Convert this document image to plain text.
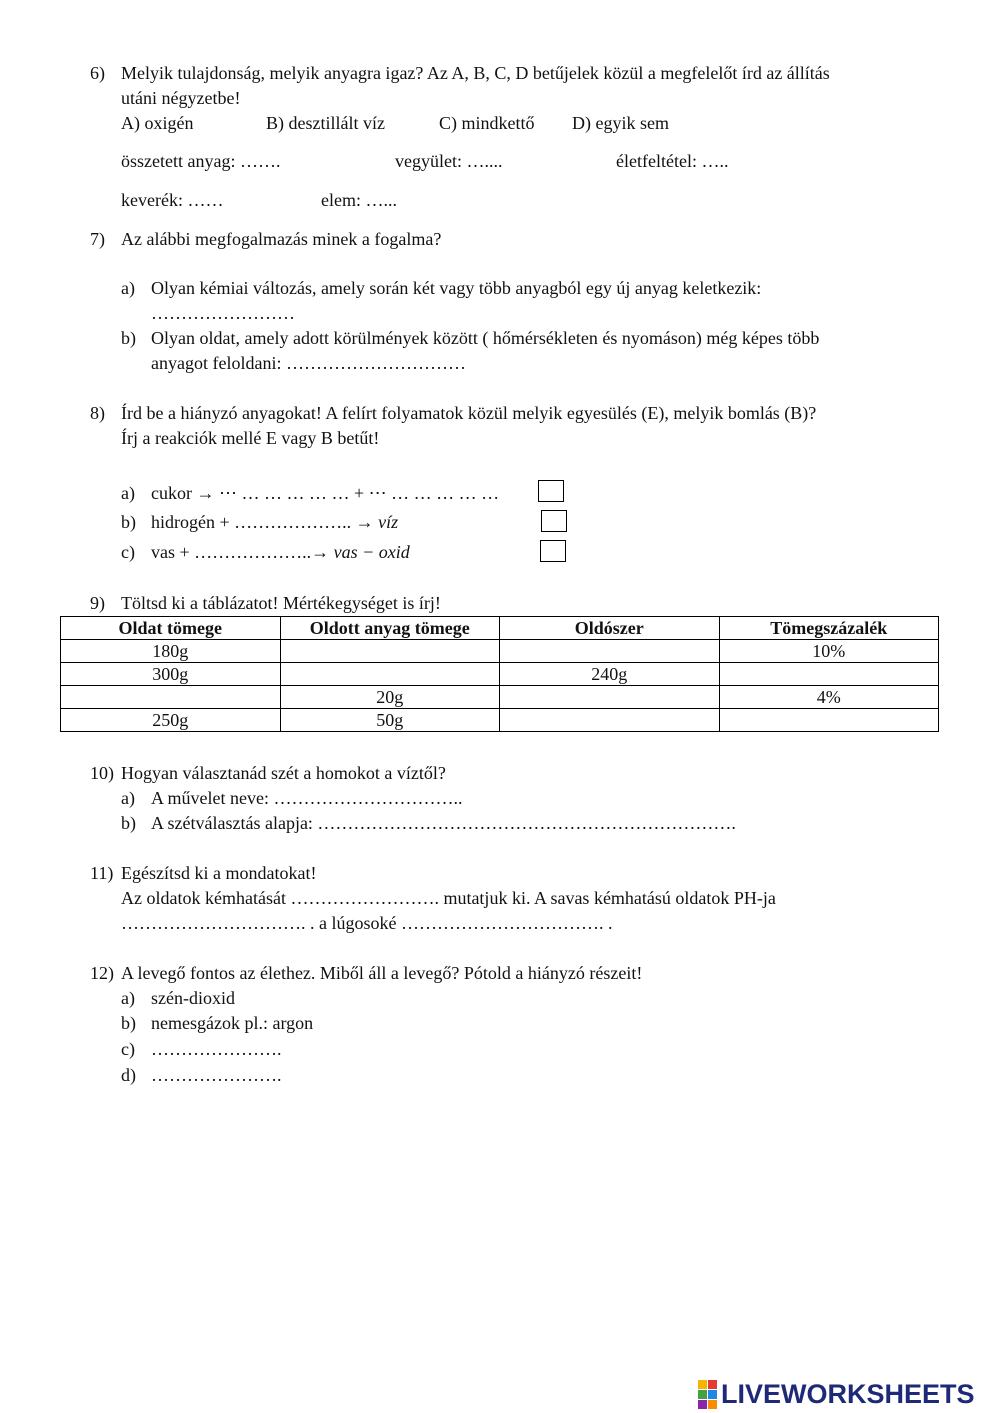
6) Melyik tulajdonság, melyik anyagra igaz? Az A, B, C, D betűjelek közül a megfelelőt írd az állítás
utáni négyzetbe!
A) oxigén	B) desztillált víz	C) mindkettő D) egyik sem
összetett anyag: …….	vegyület: …....	életfeltétel: …..
keverék: ……	elem: …...
7) Az alábbi megfogalmazás minek a fogalma?
a) Olyan kémiai változás, amely során két vagy több anyagból egy új anyag keletkezik:
……………………
b) Olyan oldat, amely adott körülmények között ( hőmérsékleten és nyomáson) még képes több
anyagot feloldani: …………………………
8) Írd be a hiányzó anyagokat! A felírt folyamatok közül melyik egyesülés (E), melyik bomlás (B)?
Írj a reakciók mellé E vagy B betűt!
a) cukor → ⋯ … … … … … + ⋯ … … … … …
b) hidrogén + ……………….. → víz
c) vas + ………………..→ vas − oxid
9) Töltsd ki a táblázatot! Mértékegységet is írj!
Oldat tömege	Oldott anyag tömege	Oldószer	Tömegszázalék
180g			10%
300g		240g	
	20g		4%
250g	50g		
10) Hogyan választanád szét a homokot a víztől?
a) A művelet neve: …………………………..
b) A szétválasztás alapja: …………………………………………………………….
11) Egészítsd ki a mondatokat!
Az oldatok kémhatását ……………………. mutatjuk ki. A savas kémhatású oldatok PH-ja
…………………………. . a lúgosoké ……………………………. .
12) A levegő fontos az élethez. Miből áll a levegő? Pótold a hiányzó részeit!
a) szén-dioxid
b) nemesgázok pl.: argon
c) ………………….
d) ………………….
LIVEWORKSHEETS
